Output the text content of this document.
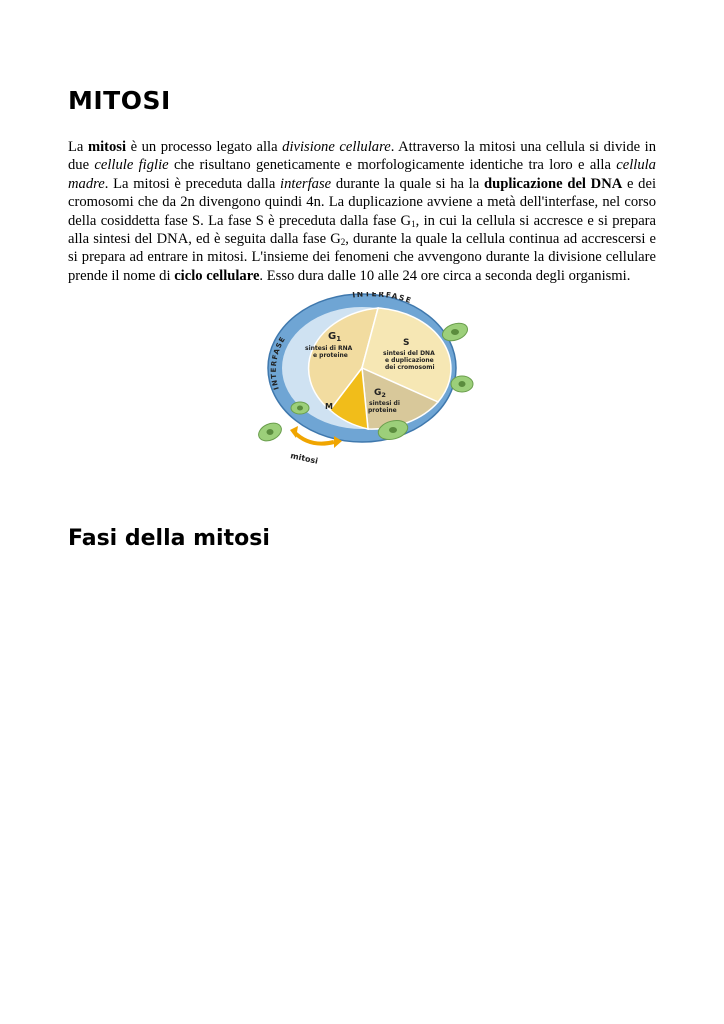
MITOSI

La mitosi è un processo legato alla divisione cellulare. Attraverso la mitosi una cellula si divide in due cellule figlie che risultano geneticamente e morfologicamente identiche tra loro e alla cellula madre. La mitosi è preceduta dalla interfase durante la quale si ha la duplicazione del DNA e dei cromosomi che da 2n divengono quindi 4n. La duplicazione avviene a metà dell'interfase, nel corso della cosiddetta fase S. La fase S è preceduta dalla fase $G_1$, in cui la cellula si accresce e si prepara alla sintesi del DNA, ed è seguita dalla fase $G_2$, durante la quale la cellula continua ad accrescersi e si prepara ad entrare in mitosi. L'insieme dei fenomeni che avvengono durante la divisione cellulare prende il nome di ciclo cellulare. Esso dura dalle 10 alle 24 ore circa a seconda degli organismi.

INTERFASE
INTERFASE	$G_1$
sintesi di RNA
e proteine
S
sintesi del DNA
e duplicazione
dei cromosomi
$G_2$
sintesi di
proteine
M
mitosi
Fasi della mitosi
